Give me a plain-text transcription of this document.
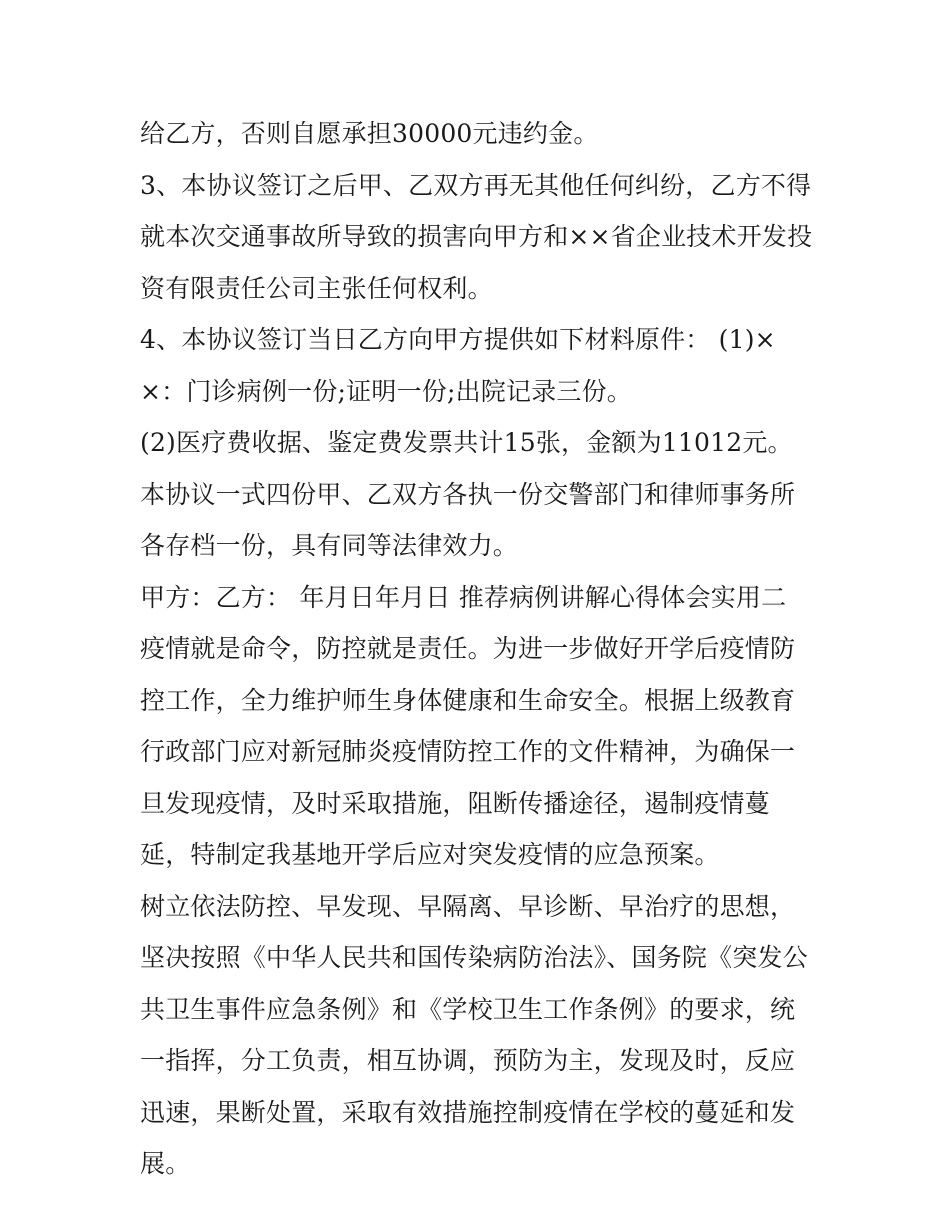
给乙方，否则自愿承担30000元违约金。

3、本协议签订之后甲、乙双方再无其他任何纠纷，乙方不得就本次交通事故所导致的损害向甲方和××省企业技术开发投资有限责任公司主张任何权利。

4、本协议签订当日乙方向甲方提供如下材料原件： (1)××：门诊病例一份;证明一份;出院记录三份。

(2)医疗费收据、鉴定费发票共计15张，金额为11012元。 本协议一式四份甲、乙双方各执一份交警部门和律师事务所各存档一份，具有同等法律效力。

甲方：乙方： 年月日年月日 推荐病例讲解心得体会实用二

疫情就是命令，防控就是责任。为进一步做好开学后疫情防控工作，全力维护师生身体健康和生命安全。根据上级教育行政部门应对新冠肺炎疫情防控工作的文件精神，为确保一旦发现疫情，及时采取措施，阻断传播途径，遏制疫情蔓延，特制定我基地开学后应对突发疫情的应急预案。

树立依法防控、早发现、早隔离、早诊断、早治疗的思想，坚决按照《中华人民共和国传染病防治法》、国务院《突发公共卫生事件应急条例》和《学校卫生工作条例》的要求，统一指挥，分工负责，相互协调，预防为主，发现及时，反应迅速，果断处置，采取有效措施控制疫情在学校的蔓延和发展。
